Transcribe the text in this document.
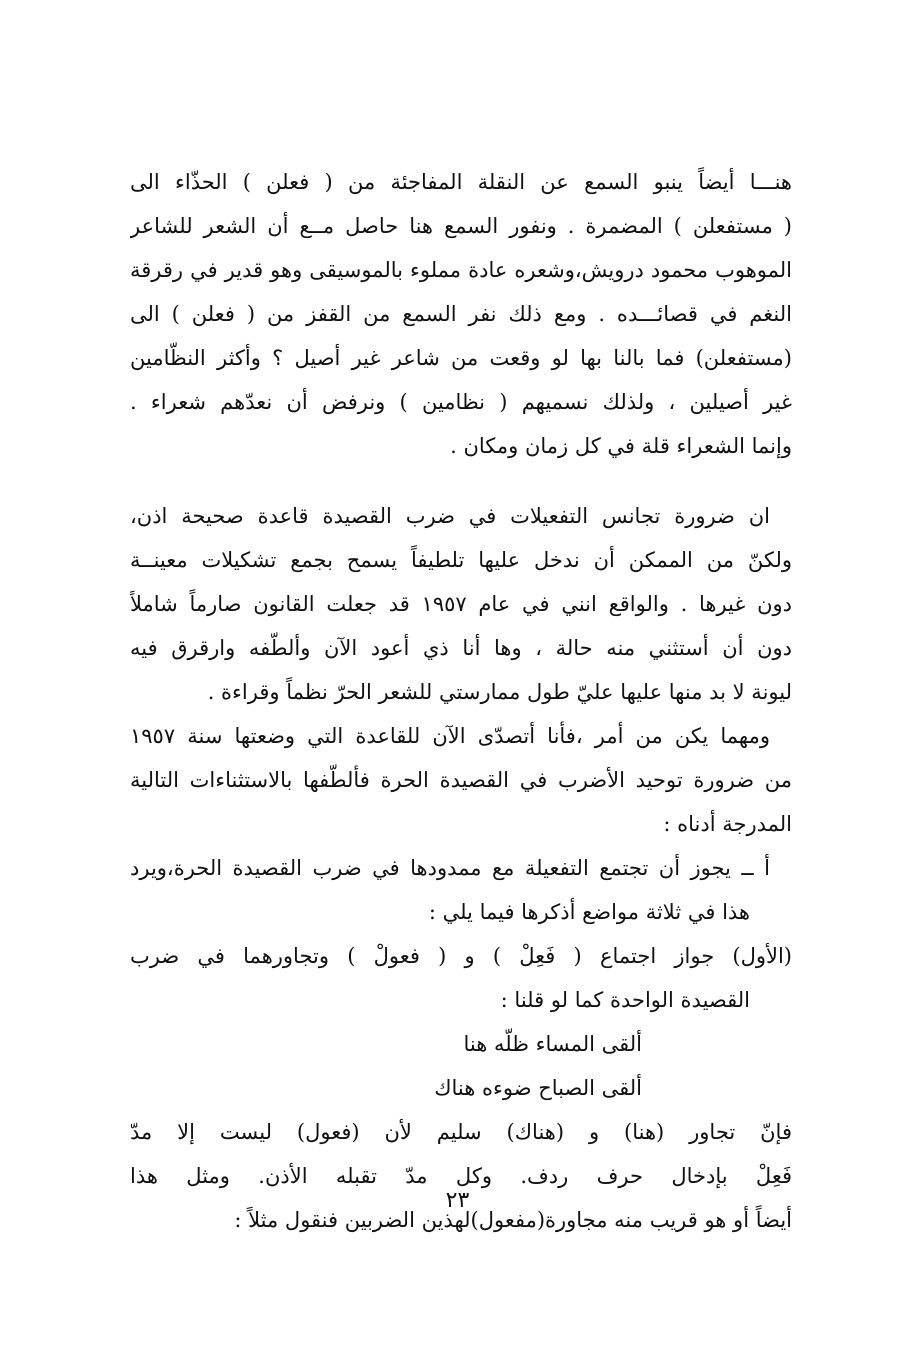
هنـــا أيضاً ينبو السمع عن النقلة المفاجئة من ( فعلن ) الحذّاء الى
( مستفعلن ) المضمرة . ونفور السمع هنا حاصل مــع أن الشعر للشاعر
الموهوب محمود درويش،وشعره عادة مملوء بالموسيقى وهو قدير في رقرقة
النغم في قصائـــده . ومع ذلك نفر السمع من القفز من ( فعلن ) الى
(مستفعلن) فما بالنا بها لو وقعت من شاعر غير أصيل ؟ وأكثر النظّامين
غير أصيلين ، ولذلك نسميهم ( نظامين ) ونرفض أن نعدّهم شعراء .
وإنما الشعراء قلة في كل زمان ومكان .
ان ضرورة تجانس التفعيلات في ضرب القصيدة قاعدة صحيحة اذن،
ولكنّ من الممكن أن ندخل عليها تلطيفاً يسمح بجمع تشكيلات معينــة
دون غيرها . والواقع انني في عام ١٩٥٧ قد جعلت القانون صارماً شاملاً
دون أن أستثني منه حالة ، وها أنا ذي أعود الآن وألطّفه وارقرق فيه
ليونة لا بد منها عليها عليّ طول ممارستي للشعر الحرّ نظماً وقراءة .
ومهما يكن من أمر ،فأنا أتصدّى الآن للقاعدة التي وضعتها سنة ١٩٥٧
من ضرورة توحيد الأضرب في القصيدة الحرة فألطّفها بالاستثناءات التالية
المدرجة أدناه :
أ ــ يجوز أن تجتمع التفعيلة مع ممدودها في ضرب القصيدة الحرة،ويرد
هذا في ثلاثة مواضع أذكرها فيما يلي :
(الأول) جواز اجتماع ( فَعِلْ ) و ( فعولْ ) وتجاورهما في ضرب
القصيدة الواحدة كما لو قلنا :
ألقى المساء ظلّه هنا
ألقى الصباح ضوءه هناك
فإنّ تجاور (هنا) و (هناك) سليم لأن (فعول) ليست إلا مدّ
فَعِلْ بإدخال حرف ردف. وكل مدّ تقبله الأذن. ومثل هذا
أيضاً أو هو قريب منه مجاورة(مفعول)لهذين الضربين فنقول مثلاً :
٢٣
